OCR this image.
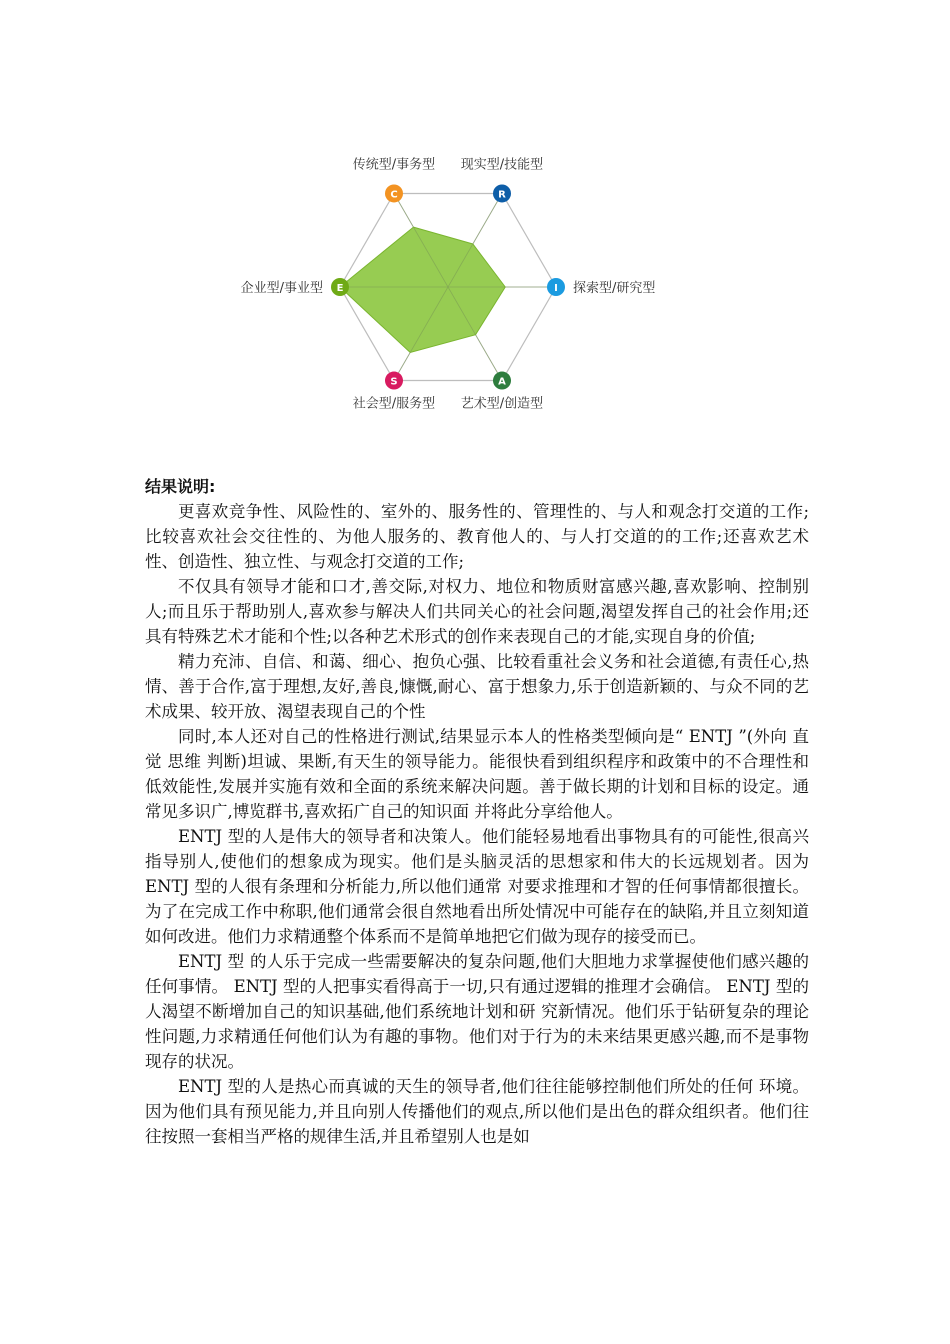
C	R
I
A
S
E
传统型/事务型 现实型/技能型
探索型/研究型
艺术型/创造型
社会型/服务型
企业型/事业型

结果说明:

更喜欢竞争性、风险性的、室外的、服务性的、管理性的、与人和观念打交道的工作;比较喜欢社会交往性的、为他人服务的、教育他人的、与人打交道的的工作;还喜欢艺术性、创造性、独立性、与观念打交道的工作;

不仅具有领导才能和口才,善交际,对权力、地位和物质财富感兴趣,喜欢影响、控制别人;而且乐于帮助别人,喜欢参与解决人们共同关心的社会问题,渴望发挥自己的社会作用;还具有特殊艺术才能和个性;以各种艺术形式的创作来表现自己的才能,实现自身的价值;

精力充沛、自信、和蔼、细心、抱负心强、比较看重社会义务和社会道德,有责任心,热情、善于合作,富于理想,友好,善良,慷慨,耐心、富于想象力,乐于创造新颖的、与众不同的艺术成果、较开放、渴望表现自己的个性

同时,本人还对自己的性格进行测试,结果显示本人的性格类型倾向是“ ENTJ ”(外向 直觉 思维 判断)坦诚、果断,有天生的领导能力。能很快看到组织程序和政策中的不合理性和低效能性,发展并实施有效和全面的系统来解决问题。善于做长期的计划和目标的设定。通常见多识广,博览群书,喜欢拓广自己的知识面 并将此分享给他人。

ENTJ 型的人是伟大的领导者和决策人。他们能轻易地看出事物具有的可能性,很高兴指导别人,使他们的想象成为现实。他们是头脑灵活的思想家和伟大的长远规划者。因为 ENTJ 型的人很有条理和分析能力,所以他们通常 对要求推理和才智的任何事情都很擅长。为了在完成工作中称职,他们通常会很自然地看出所处情况中可能存在的缺陷,并且立刻知道如何改进。他们力求精通整个体系而不是简单地把它们做为现存的接受而已。

ENTJ 型 的人乐于完成一些需要解决的复杂问题,他们大胆地力求掌握使他们感兴趣的任何事情。 ENTJ 型的人把事实看得高于一切,只有通过逻辑的推理才会确信。 ENTJ 型的人渴望不断增加自己的知识基础,他们系统地计划和研 究新情况。他们乐于钻研复杂的理论性问题,力求精通任何他们认为有趣的事物。他们对于行为的未来结果更感兴趣,而不是事物现存的状况。

ENTJ 型的人是热心而真诚的天生的领导者,他们往往能够控制他们所处的任何 环境。因为他们具有预见能力,并且向别人传播他们的观点,所以他们是出色的群众组织者。他们往往按照一套相当严格的规律生活,并且希望别人也是如
